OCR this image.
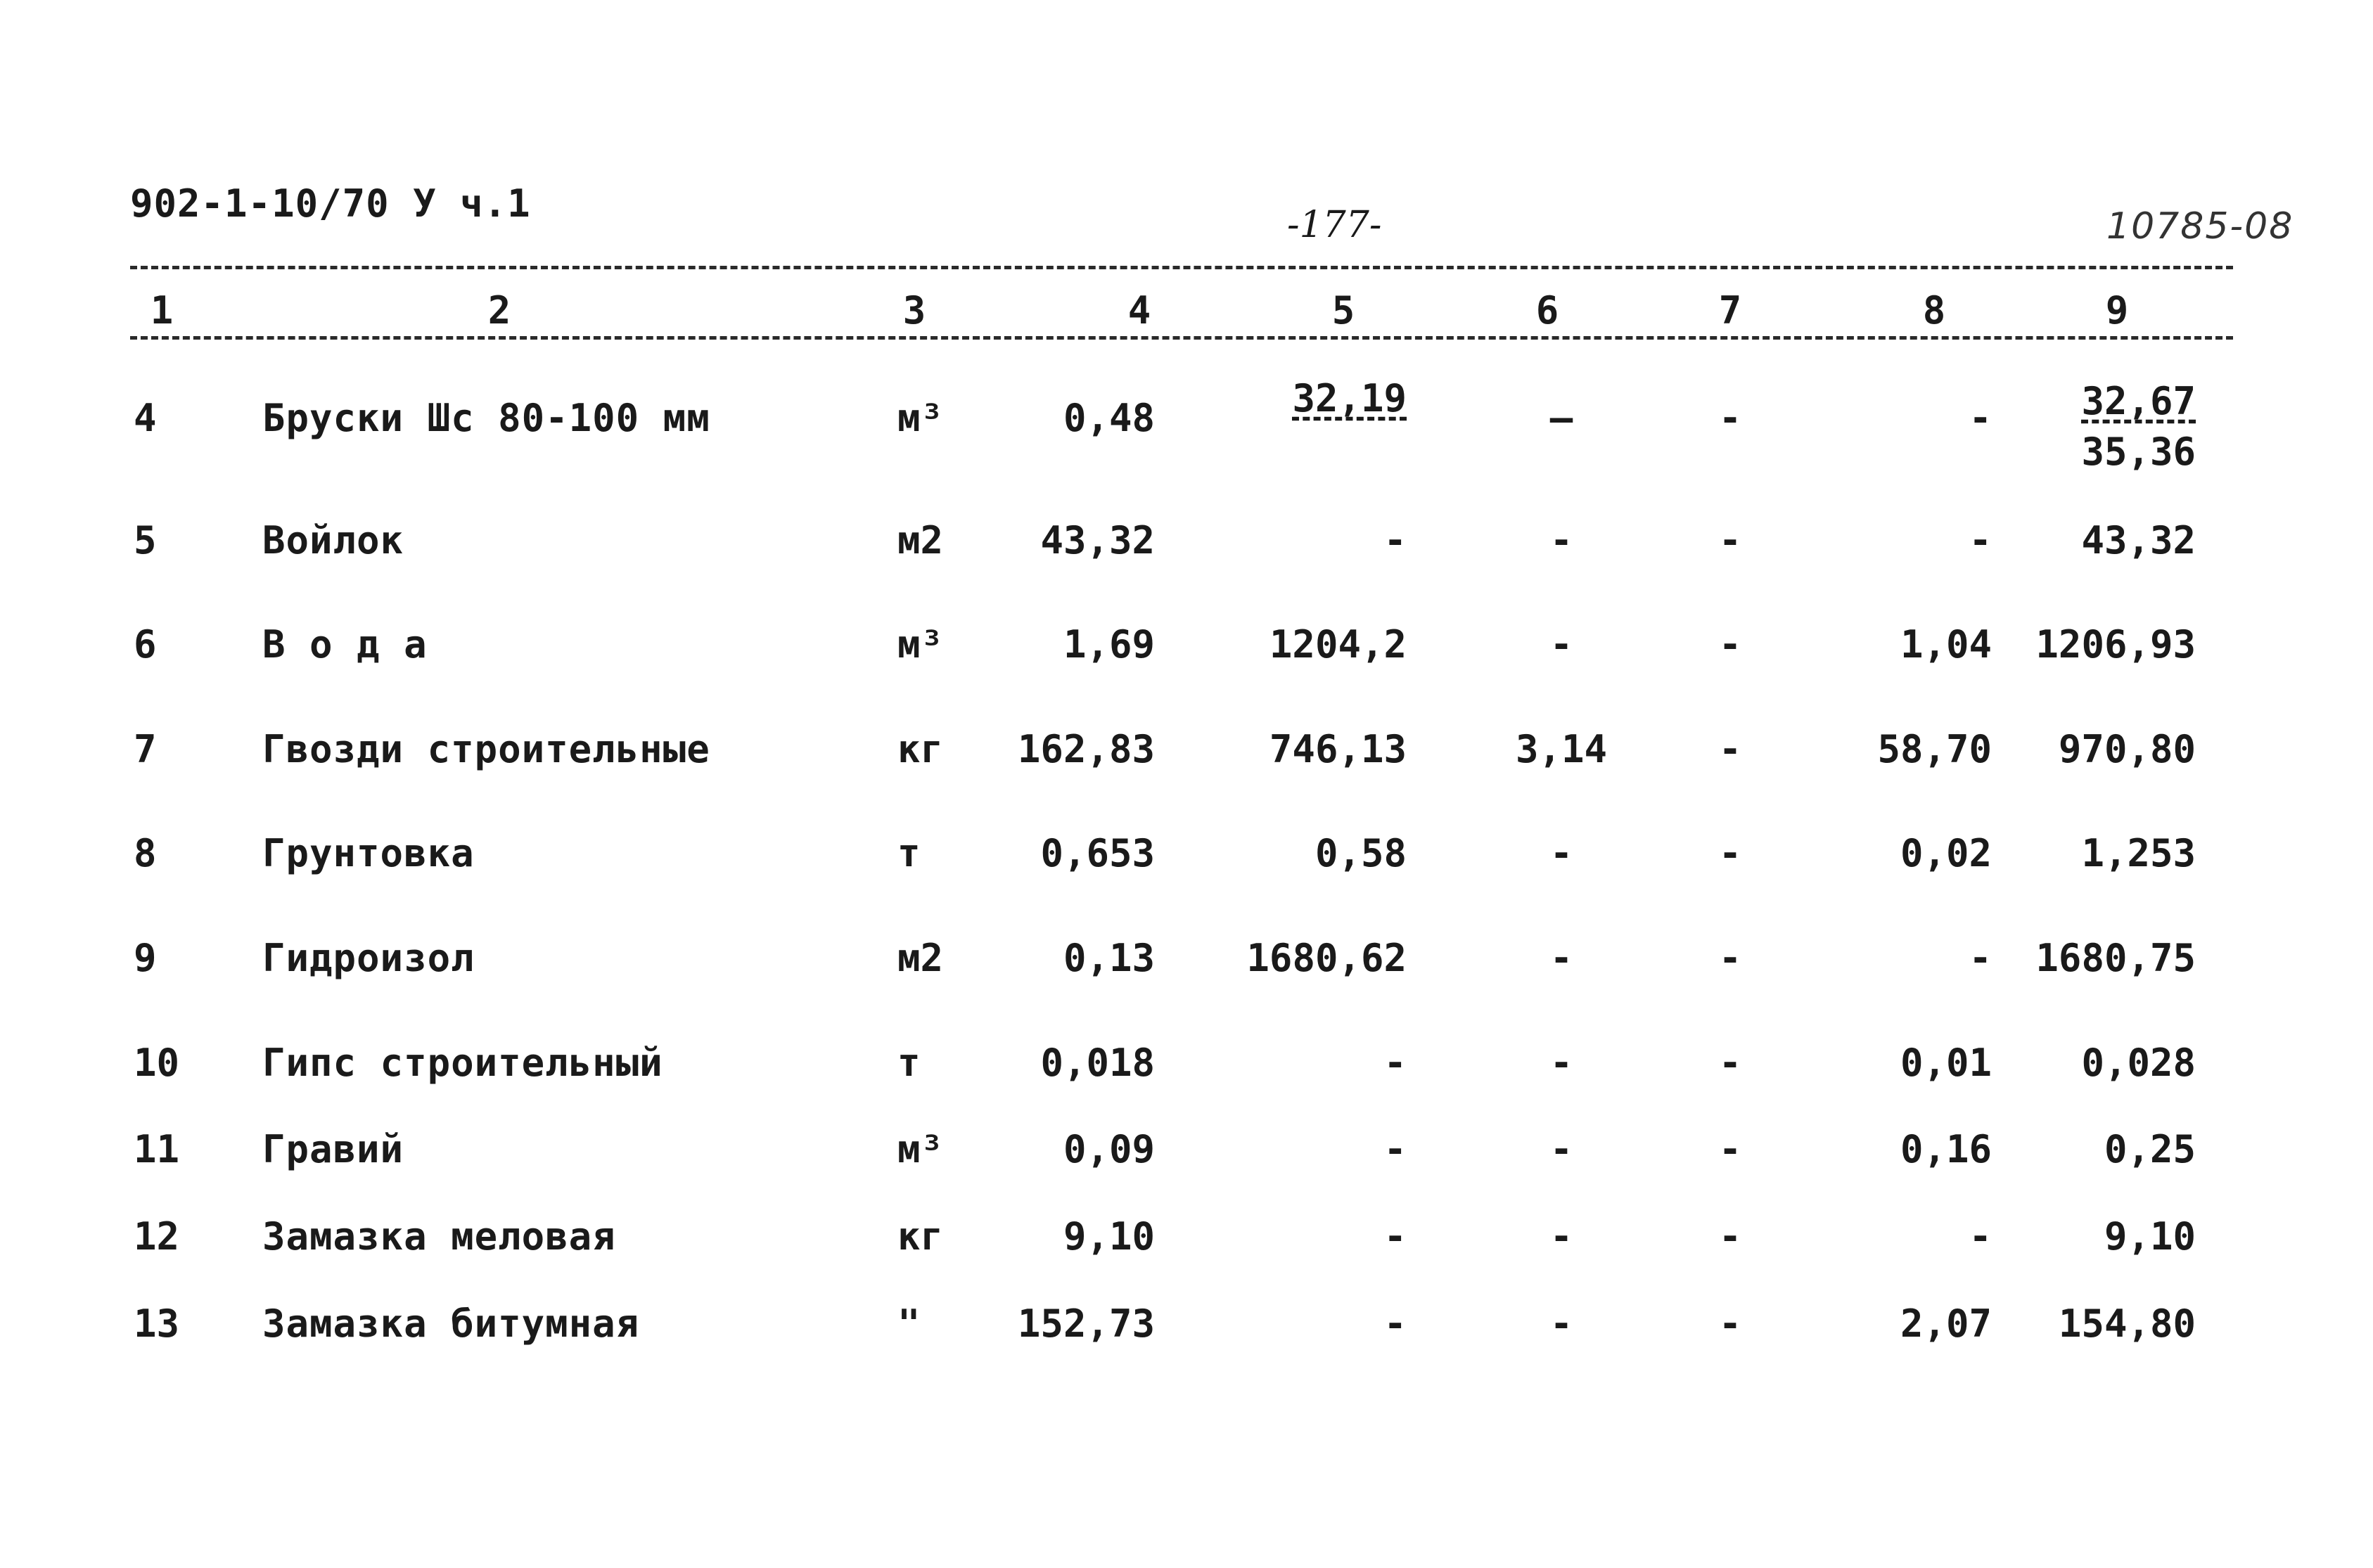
902-1-10/70 У ч.1	-177-	10785-08
1	2	3	4	5	6	7	8	9
4	Бруски Шс 80-100 мм	м³	0,48	32,19	—	-	-	32,67
35,36
5	Войлок	м2	43,32	-	-	-	-	43,32
6	В о д а	м³	1,69	1204,2	-	-	1,04	1206,93
7	Гвозди строительные	кг	162,83	746,13	3,14	-	58,70	970,80
8	Грунтовка	т	0,653	0,58	-	-	0,02	1,253
9	Гидроизол	м2	0,13	1680,62	-	-	-	1680,75
10 Гипс строительный	т	0,018	-	-	-	0,01	0,028
11 Гравий	м³	0,09	-	-	-	0,16	0,25
12 Замазка меловая	кг	9,10	-	-	-	-	9,10
13 Замазка битумная	"	152,73	-	-	-	2,07	154,80
